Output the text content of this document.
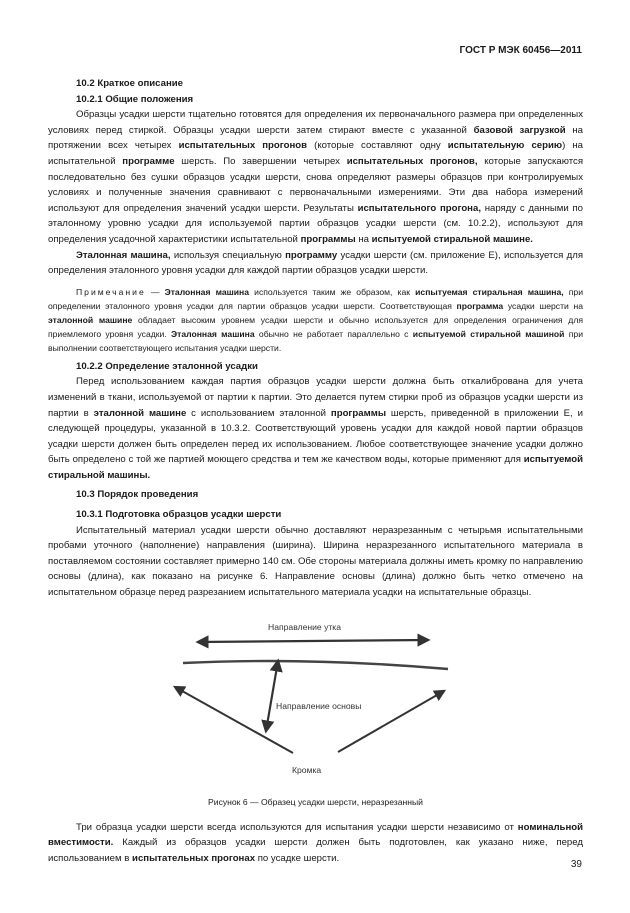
ГОСТ Р МЭК 60456—2011
10.2 Краткое описание
10.2.1 Общие положения

Образцы усадки шерсти тщательно готовятся для определения их первоначального размера при определенных условиях перед стиркой. Образцы усадки шерсти затем стирают вместе с указанной базовой загрузкой на протяжении всех четырех испытательных прогонов (которые составляют одну испытательную серию) на испытательной программе шерсть. По завершении четырех испытательных прогонов, которые запускаются последовательно без сушки образцов усадки шерсти, снова определяют размеры образцов при контролируемых условиях и полученные значения сравнивают с первоначальными измерениями. Эти два набора измерений используют для определения значений усадки шерсти. Результаты испытательного прогона, наряду с данными по эталонному уровню усадки для используемой партии образцов усадки шерсти (см. 10.2.2), используют для определения усадочной характеристики испытательной программы на испытуемой стиральной машине.

Эталонная машина, используя специальную программу усадки шерсти (см. приложение Е), используется для определения эталонного уровня усадки для каждой партии образцов усадки шерсти.

Примечание — Эталонная машина используется таким же образом, как испытуемая стиральная машина, при определении эталонного уровня усадки для партии образцов усадки шерсти. Соответствующая программа усадки шерсти на эталонной машине обладает высоким уровнем усадки шерсти и обычно используется для определения ограничения для приемлемого уровня усадки. Эталонная машина обычно не работает параллельно с испытуемой стиральной машиной при выполнении соответствующего испытания усадки шерсти.

10.2.2 Определение эталонной усадки

Перед использованием каждая партия образцов усадки шерсти должна быть откалибрована для учета изменений в ткани, используемой от партии к партии. Это делается путем стирки проб из образцов усадки шерсти из партии в эталонной машине с использованием эталонной программы шерсть, приведенной в приложении Е, и следующей процедуры, указанной в 10.3.2. Соответствующий уровень усадки для каждой новой партии образцов усадки шерсти должен быть определен перед их использованием. Любое соответствующее значение усадки должно быть определено с той же партией моющего средства и тем же качеством воды, которые применяют для испытуемой стиральной машины.

10.3 Порядок проведения
10.3.1 Подготовка образцов усадки шерсти

Испытательный материал усадки шерсти обычно доставляют неразрезанным с четырьмя испытательными пробами уточного (наполнение) направления (ширина). Ширина неразрезанного испытательного материала в поставляемом состоянии составляет примерно 140 см. Обе стороны материала должны иметь кромку по направлению основы (длина), как показано на рисунке 6. Направление основы (длина) должно быть четко отмечено на испытательном образце перед разрезанием испытательного материала усадки на испытательные образцы.

Направление утка
Направление основы
Кромка

Рисунок 6 — Образец усадки шерсти, неразрезанный

Три образца усадки шерсти всегда используются для испытания усадки шерсти независимо от номинальной вместимости. Каждый из образцов усадки шерсти должен быть подготовлен, как указано ниже, перед использованием в испытательных прогонах по усадке шерсти.

39
